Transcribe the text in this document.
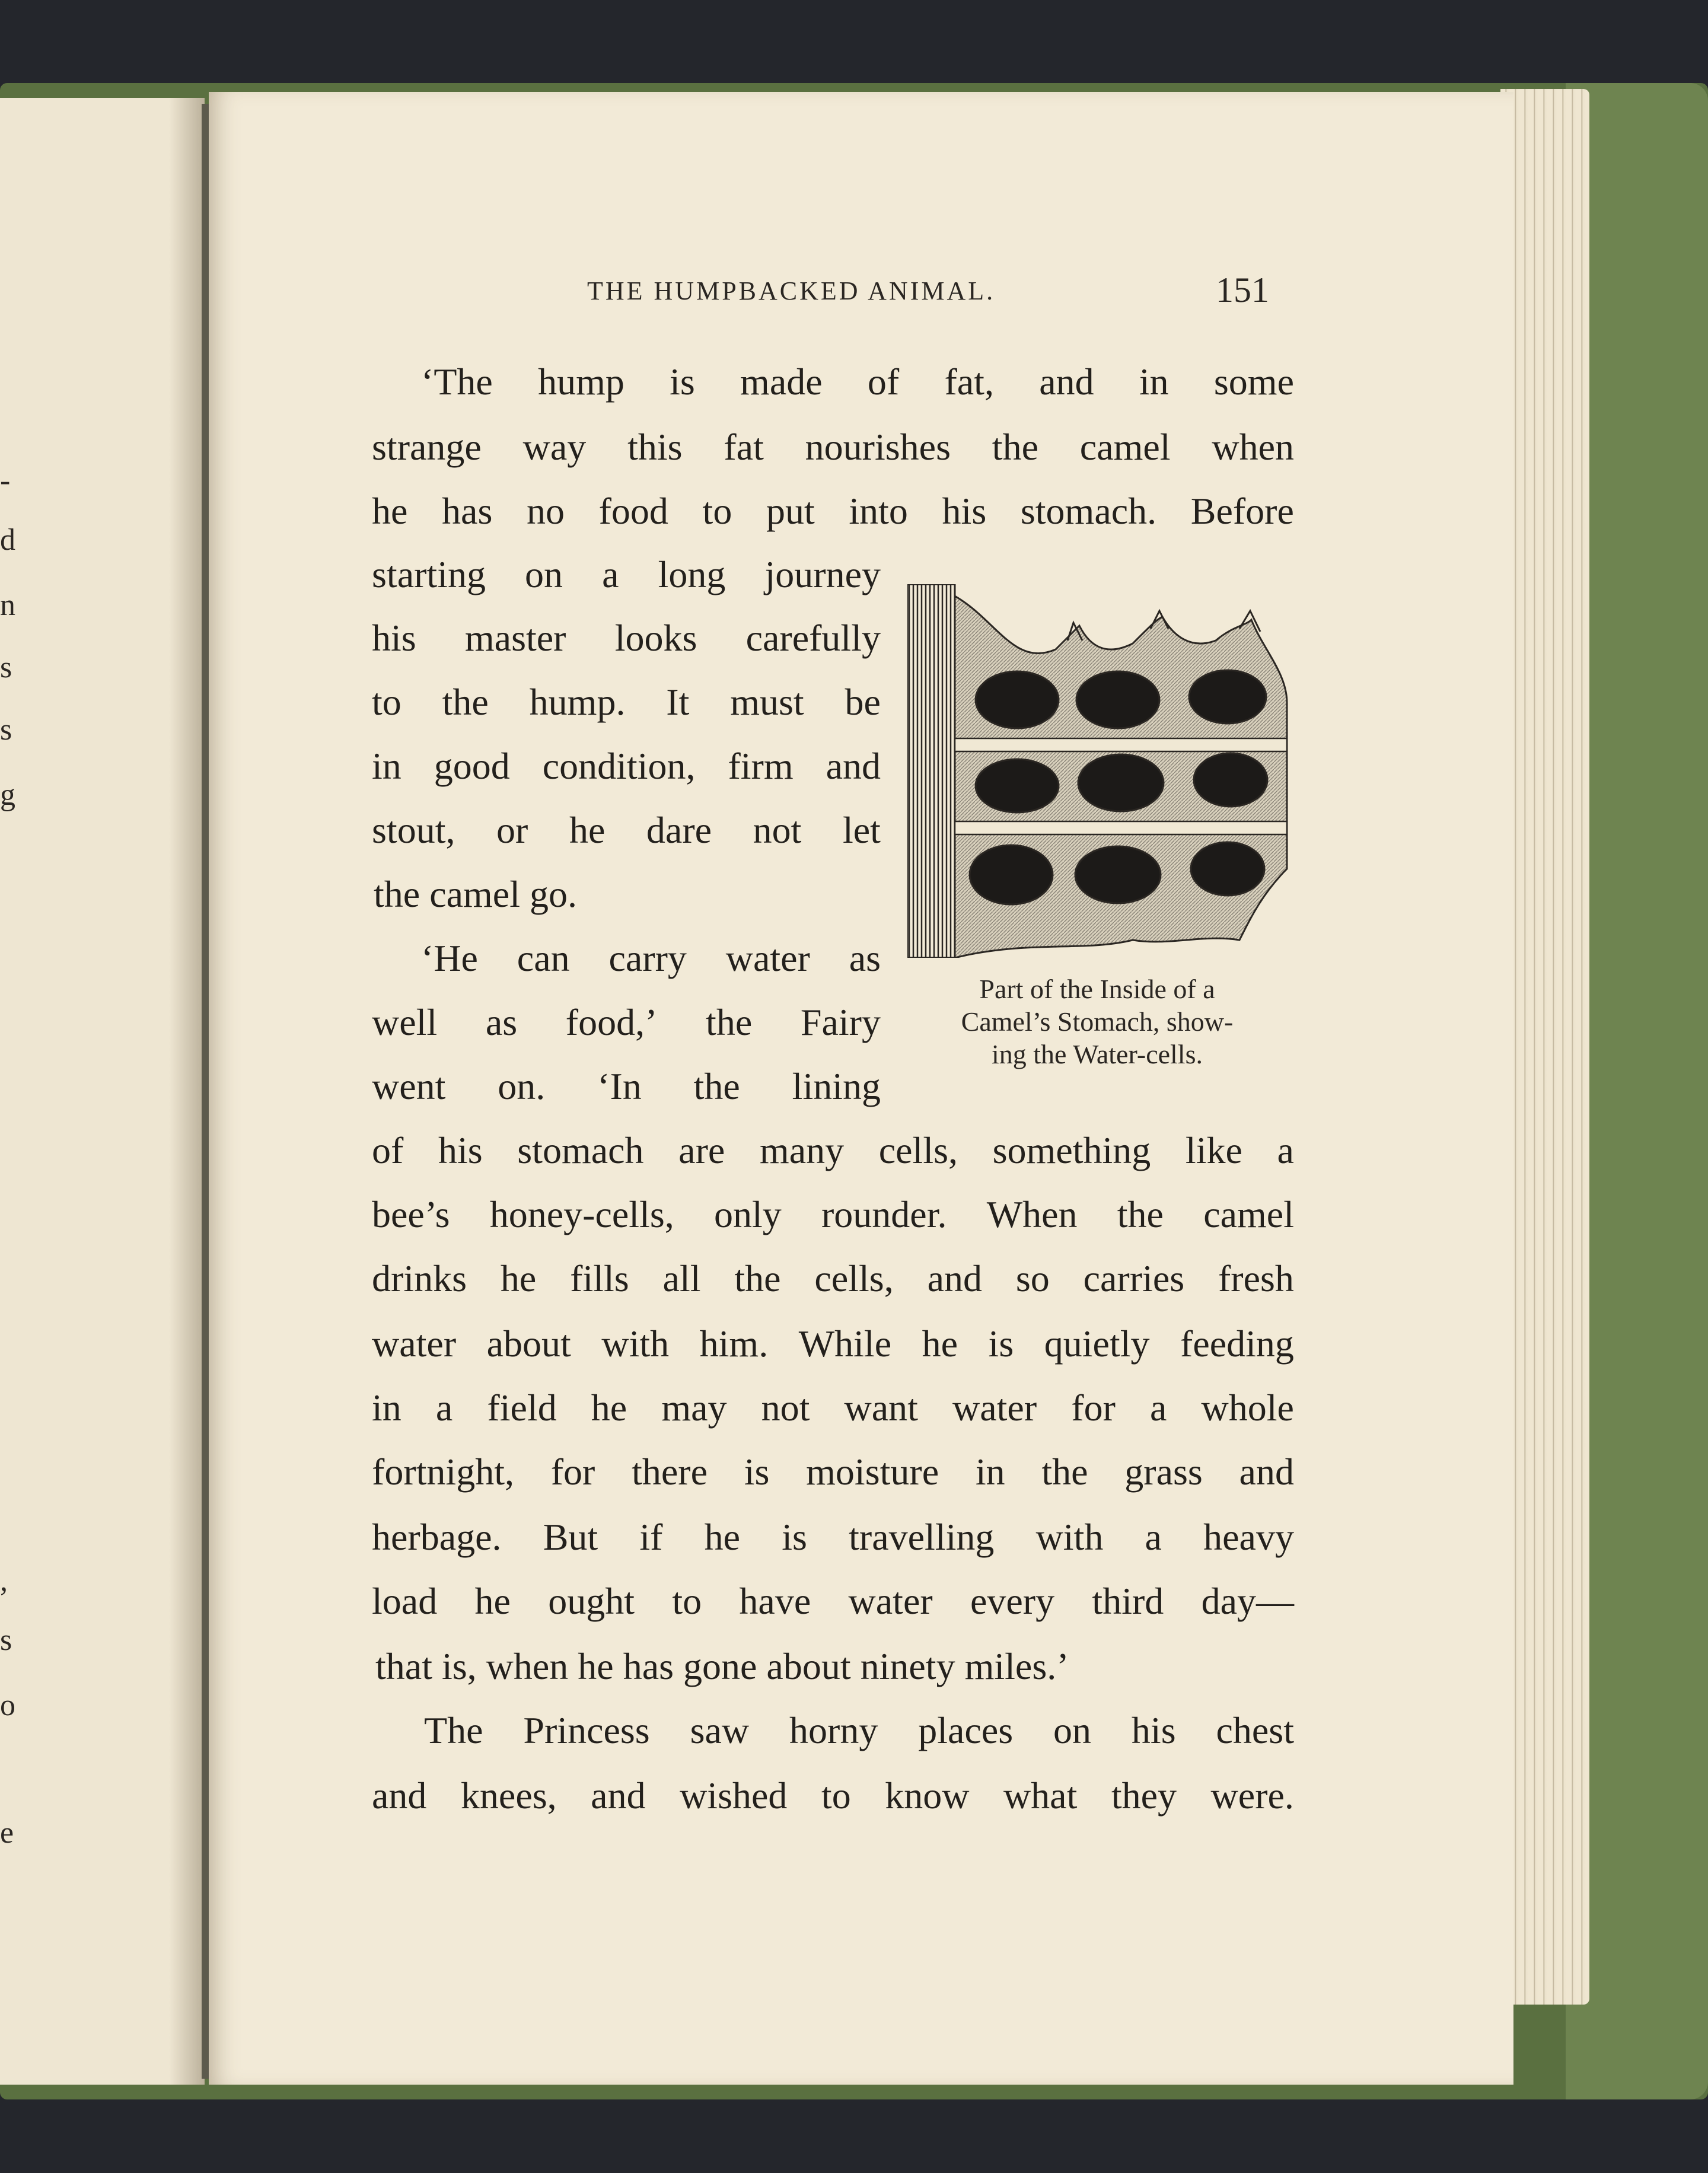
-
d
n
s
s
g
,
s
o
e
THE HUMPBACKED ANIMAL.	151
‘The hump is made of fat, and in some
strange way this fat nourishes the camel when
he has no food to put into his stomach. Before
starting on a long journey
his master looks carefully
to the hump. It must be
in good condition, firm and
stout, or he dare not let
the camel go.
‘He can carry water as
well as food,’ the Fairy
went on. ‘In the lining
of his stomach are many cells, something like a
bee’s honey-cells, only rounder. When the camel
drinks he fills all the cells, and so carries fresh
water about with him. While he is quietly feeding
in a field he may not want water for a whole
fortnight, for there is moisture in the grass and
herbage. But if he is travelling with a heavy
load he ought to have water every third day—
that is, when he has gone about ninety miles.’
The Princess saw horny places on his chest
and knees, and wished to know what they were.
Part of the Inside of a
Camel’s Stomach, show-
ing the Water-cells.
